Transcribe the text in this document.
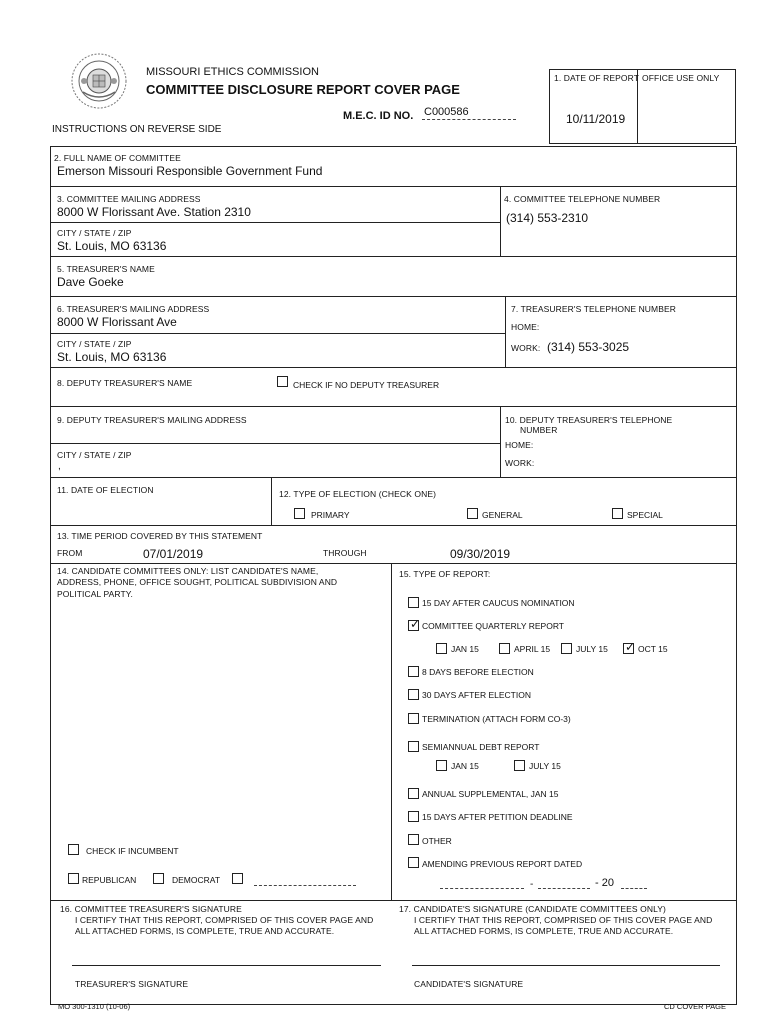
MISSOURI ETHICS COMMISSION
COMMITTEE DISCLOSURE REPORT COVER PAGE
M.E.C. ID NO. C000586
INSTRUCTIONS ON REVERSE SIDE
1. DATE OF REPORT OFFICE USE ONLY
10/11/2019
2. FULL NAME OF COMMITTEE
Emerson Missouri Responsible Government Fund
3. COMMITTEE MAILING ADDRESS
8000 W Florissant Ave. Station 2310
CITY / STATE / ZIP
St. Louis, MO 63136
4. COMMITTEE TELEPHONE NUMBER
(314) 553-2310
5. TREASURER'S NAME
Dave Goeke
6. TREASURER'S MAILING ADDRESS
8000 W Florissant Ave
CITY / STATE / ZIP
St. Louis, MO 63136
7. TREASURER'S TELEPHONE NUMBER
HOME:
WORK: (314) 553-3025
8. DEPUTY TREASURER'S NAME	CHECK IF NO DEPUTY TREASURER
9. DEPUTY TREASURER'S MAILING ADDRESS
CITY / STATE / ZIP
,
10. DEPUTY TREASURER'S TELEPHONE
NUMBER
HOME:
WORK:
11. DATE OF ELECTION	12. TYPE OF ELECTION (CHECK ONE)
PRIMARY	GENERAL	SPECIAL
13. TIME PERIOD COVERED BY THIS STATEMENT
FROM	07/01/2019	THROUGH	09/30/2019
14. CANDIDATE COMMITTEES ONLY: LIST CANDIDATE'S NAME,
ADDRESS, PHONE, OFFICE SOUGHT, POLITICAL SUBDIVISION AND
POLITICAL PARTY.
CHECK IF INCUMBENT
REPUBLICAN	DEMOCRAT
15. TYPE OF REPORT:
15 DAY AFTER CAUCUS NOMINATION
✓ COMMITTEE QUARTERLY REPORT
JAN 15	APRIL 15	JULY 15 ✓ OCT 15
8 DAYS BEFORE ELECTION
30 DAYS AFTER ELECTION
TERMINATION (ATTACH FORM CO-3)
SEMIANNUAL DEBT REPORT
JAN 15	JULY 15
ANNUAL SUPPLEMENTAL, JAN 15
15 DAYS AFTER PETITION DEADLINE
OTHER
AMENDING PREVIOUS REPORT DATED
-	- 20
16. COMMITTEE TREASURER'S SIGNATURE
I CERTIFY THAT THIS REPORT, COMPRISED OF THIS COVER PAGE AND
ALL ATTACHED FORMS, IS COMPLETE, TRUE AND ACCURATE.
TREASURER'S SIGNATURE
17. CANDIDATE'S SIGNATURE (CANDIDATE COMMITTEES ONLY)
I CERTIFY THAT THIS REPORT, COMPRISED OF THIS COVER PAGE AND
ALL ATTACHED FORMS, IS COMPLETE, TRUE AND ACCURATE.
CANDIDATE'S SIGNATURE
MO 300-1310 (10-06)	CD COVER PAGE
